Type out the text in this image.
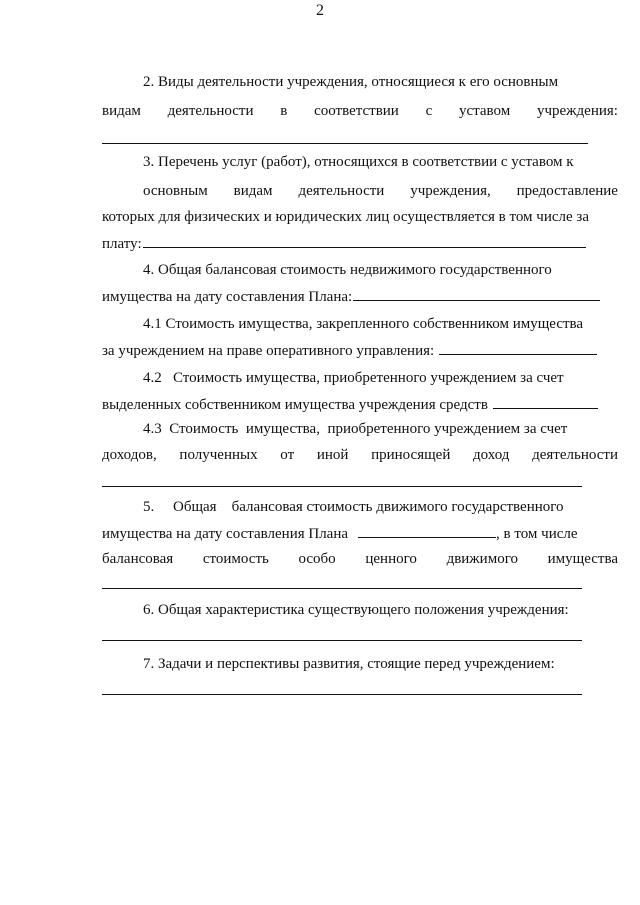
2
2. Виды деятельности учреждения, относящиеся к его основным
видам деятельности в соответствии с уставом учреждения:
3. Перечень услуг (работ), относящихся в соответствии с уставом к
основным видам деятельности учреждения, предоставление
которых для физических и юридических лиц осуществляется в том числе за
плату:
4. Общая балансовая стоимость недвижимого государственного
имущества на дату составления Плана:
4.1 Стоимость имущества, закрепленного собственником имущества
за учреждением на праве оперативного управления:
4.2   Стоимость имущества, приобретенного учреждением за счет
выделенных собственником имущества учреждения средств
4.3  Стоимость  имущества,  приобретенного учреждением за счет
доходов, полученных от иной приносящей доход деятельности
5.     Общая    балансовая стоимость движимого государственного
имущества на дату составления Плана	, в том числе
балансовая стоимость особо ценного движимого имущества
6. Общая характеристика существующего положения учреждения:
7. Задачи и перспективы развития, стоящие перед учреждением:
